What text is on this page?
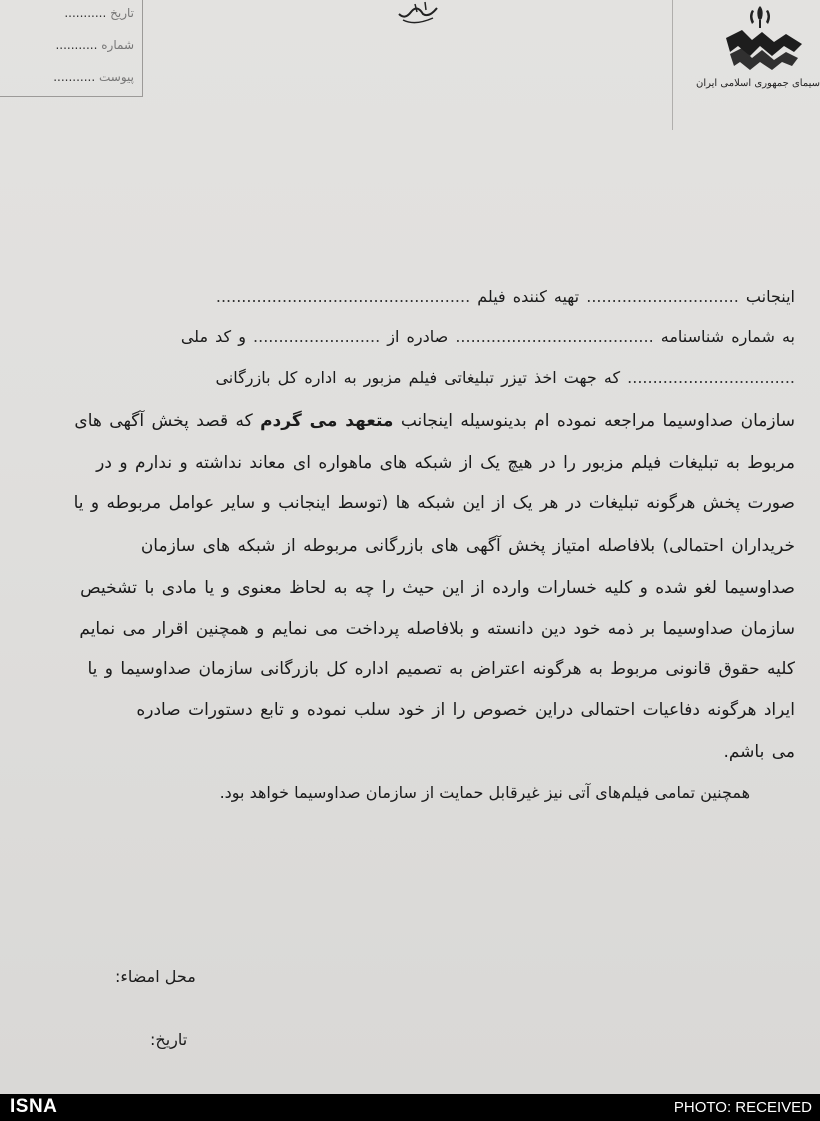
تاریخ ...........
شماره ...........
پیوست ...........	سیمای جمهوری اسلامی ایران
اینجانب .............................. تهیه کننده فیلم ..................................................
به شماره شناسنامه ....................................... صادره از ......................... و کد ملی
................................. که جهت اخذ تیزر تبلیغاتی فیلم مزبور به اداره کل بازرگانی
سازمان صداوسیما مراجعه نموده ام بدینوسیله اینجانب متعهد می گردم که قصد پخش آگهی های
مربوط به تبلیغات فیلم مزبور را در هیچ یک از شبکه های ماهواره ای معاند نداشته و ندارم و در
صورت پخش هرگونه تبلیغات در هر یک از این شبکه ها (توسط اینجانب و سایر عوامل مربوطه و یا
خریداران احتمالی) بلافاصله امتیاز پخش آگهی های بازرگانی مربوطه از شبکه های سازمان
صداوسیما لغو شده و کلیه خسارات وارده از این حیث را چه به لحاظ معنوی و یا مادی با تشخیص
سازمان صداوسیما بر ذمه خود دین دانسته و بلافاصله پرداخت می نمایم و همچنین اقرار می نمایم
کلیه حقوق قانونی مربوط به هرگونه اعتراض به تصمیم اداره کل بازرگانی سازمان صداوسیما و یا
ایراد هرگونه دفاعیات احتمالی دراین خصوص را از خود سلب نموده و تابع دستورات صادره
می باشم.
همچنین تمامی فیلم‌های آتی نیز غیرقابل حمایت از سازمان صداوسیما خواهد بود.
محل امضاء:
تاریخ:
ISNA	PHOTO: RECEIVED
